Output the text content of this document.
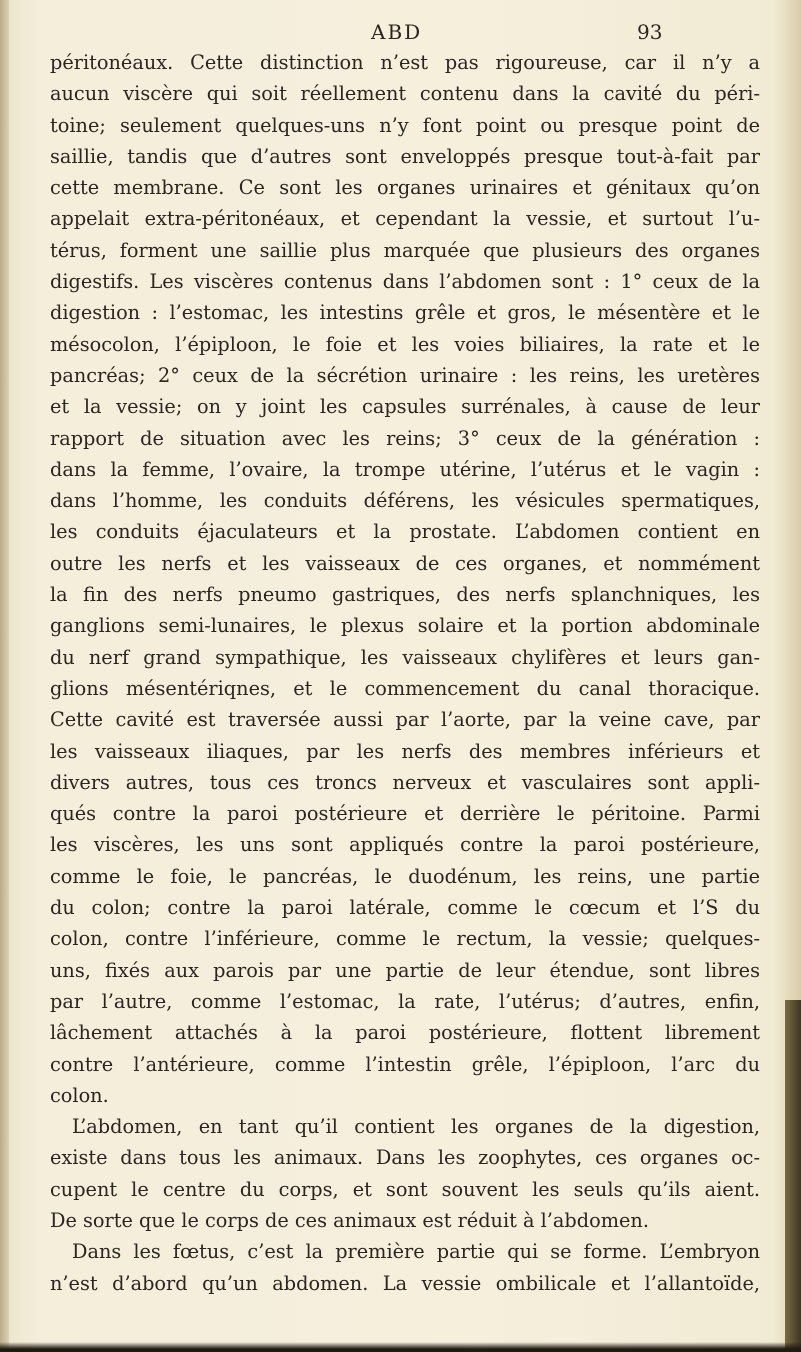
ABD	93
péritonéaux. Cette distinction n’est pas rigoureuse, car il n’y a
aucun viscère qui soit réellement contenu dans la cavité du péri-
toine; seulement quelques-uns n’y font point ou presque point de
saillie, tandis que d’autres sont enveloppés presque tout-à-fait par
cette membrane. Ce sont les organes urinaires et génitaux qu’on
appelait extra-péritonéaux, et cependant la vessie, et surtout l’u-
térus, forment une saillie plus marquée que plusieurs des organes
digestifs. Les viscères contenus dans l’abdomen sont : 1° ceux de la
digestion : l’estomac, les intestins grêle et gros, le mésentère et le
mésocolon, l’épiploon, le foie et les voies biliaires, la rate et le
pancréas; 2° ceux de la sécrétion urinaire : les reins, les uretères
et la vessie; on y joint les capsules surrénales, à cause de leur
rapport de situation avec les reins; 3° ceux de la génération :
dans la femme, l’ovaire, la trompe utérine, l’utérus et le vagin :
dans l’homme, les conduits déférens, les vésicules spermatiques,
les conduits éjaculateurs et la prostate. L’abdomen contient en
outre les nerfs et les vaisseaux de ces organes, et nommément
la fin des nerfs pneumo gastriques, des nerfs splanchniques, les
ganglions semi-lunaires, le plexus solaire et la portion abdominale
du nerf grand sympathique, les vaisseaux chylifères et leurs gan-
glions mésentériqnes, et le commencement du canal thoracique.
Cette cavité est traversée aussi par l’aorte, par la veine cave, par
les vaisseaux iliaques, par les nerfs des membres inférieurs et
divers autres, tous ces troncs nerveux et vasculaires sont appli-
qués contre la paroi postérieure et derrière le péritoine. Parmi
les viscères, les uns sont appliqués contre la paroi postérieure,
comme le foie, le pancréas, le duodénum, les reins, une partie
du colon; contre la paroi latérale, comme le cœcum et l’S du
colon, contre l’inférieure, comme le rectum, la vessie; quelques-
uns, fixés aux parois par une partie de leur étendue, sont libres
par l’autre, comme l’estomac, la rate, l’utérus; d’autres, enfin,
lâchement attachés à la paroi postérieure, flottent librement
contre l’antérieure, comme l’intestin grêle, l’épiploon, l’arc du
colon.
L’abdomen, en tant qu’il contient les organes de la digestion,
existe dans tous les animaux. Dans les zoophytes, ces organes oc-
cupent le centre du corps, et sont souvent les seuls qu’ils aient.
De sorte que le corps de ces animaux est réduit à l’abdomen.
Dans les fœtus, c’est la première partie qui se forme. L’embryon
n’est d’abord qu’un abdomen. La vessie ombilicale et l’allantoïde,
